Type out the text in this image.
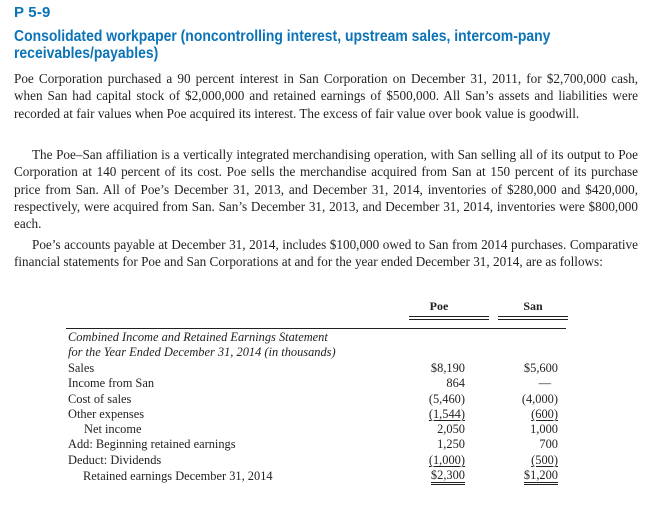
P 5-9
Consolidated workpaper (noncontrolling interest, upstream sales, intercom-pany receivables/payables)
Poe Corporation purchased a 90 percent interest in San Corporation on December 31, 2011, for $2,700,000 cash, when San had capital stock of $2,000,000 and retained earnings of $500,000. All San’s assets and liabilities were recorded at fair values when Poe acquired its interest. The excess of fair value over book value is goodwill.
The Poe–San affiliation is a vertically integrated merchandising operation, with San selling all of its output to Poe Corporation at 140 percent of its cost. Poe sells the merchandise acquired from San at 150 percent of its purchase price from San. All of Poe’s December 31, 2013, and December 31, 2014, inventories of $280,000 and $420,000, respectively, were acquired from San. San’s December 31, 2013, and December 31, 2014, inventories were $800,000 each.
Poe’s accounts payable at December 31, 2014, includes $100,000 owed to San from 2014 purchases. Comparative financial statements for Poe and San Corporations at and for the year ended December 31, 2014, are as follows:
Poe	San
Combined Income and Retained Earnings Statement
for the Year Ended December 31, 2014 (in thousands)
Sales	$8,190	$5,600
Income from San	864	—
Cost of sales	(5,460)	(4,000)
Other expenses	(1,544)	(600)
Net income	2,050	1,000
Add: Beginning retained earnings	1,250	700
Deduct: Dividends	(1,000)	(500)
Retained earnings December 31, 2014	$2,300	$1,200
